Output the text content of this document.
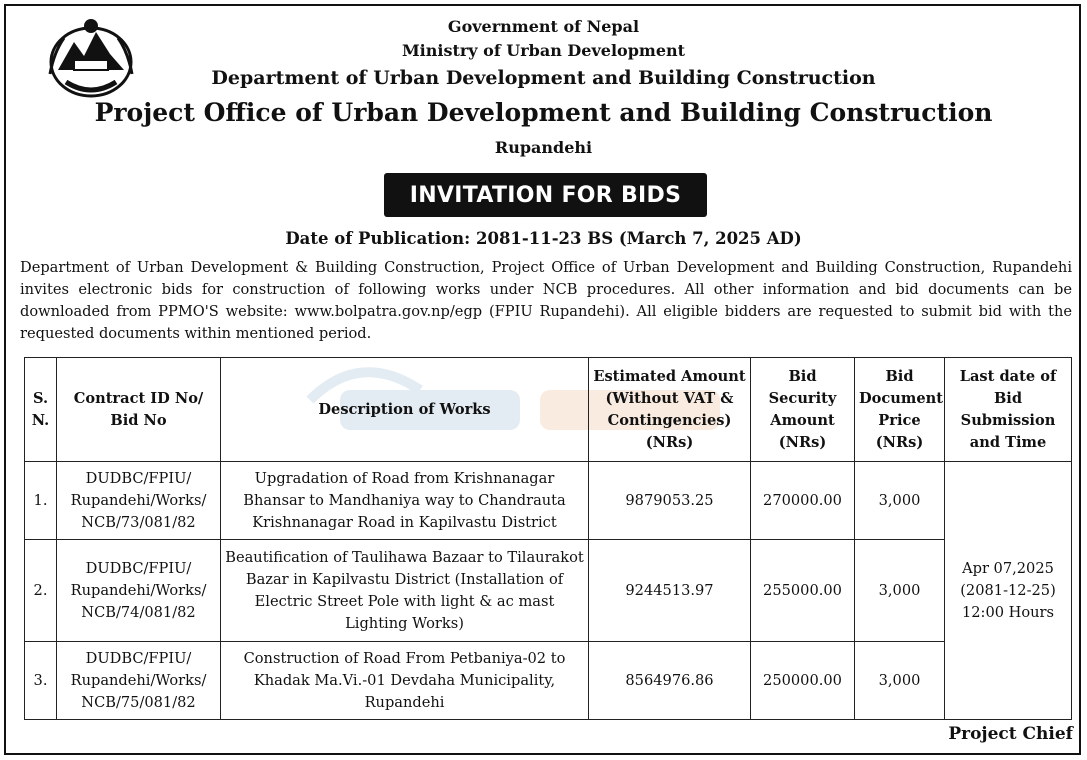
Government of Nepal
Ministry of Urban Development
Department of Urban Development and Building Construction
Project Office of Urban Development and Building Construction
Rupandehi
INVITATION FOR BIDS
Date of Publication: 2081-11-23 BS (March 7, 2025 AD)
Department of Urban Development & Building Construction, Project Office of Urban Development and Building Construction, Rupandehi invites electronic bids for construction of following works under NCB procedures. All other information and bid documents can be downloaded from PPMO'S website: www.bolpatra.gov.np/egp (FPIU Rupandehi). All eligible bidders are requested to submit bid with the requested documents within mentioned period.
S. N.	Contract ID No/ Bid No	Description of Works	Estimated Amount (Without VAT & Contingencies) (NRs)	Bid Security Amount (NRs)	Bid Document Price (NRs)	Last date of Bid Submission and Time
1.	DUDBC/FPIU/ Rupandehi/Works/ NCB/73/081/82	Upgradation of Road from Krishnanagar Bhansar to Mandhaniya way to Chandrauta Krishnanagar Road in Kapilvastu District	9879053.25	270000.00	3,000	Apr 07,2025 (2081-12-25) 12:00 Hours
2.	DUDBC/FPIU/ Rupandehi/Works/ NCB/74/081/82	Beautification of Taulihawa Bazaar to Tilaurakot Bazar in Kapilvastu District (Installation of Electric Street Pole with light & ac mast Lighting Works)	9244513.97	255000.00	3,000	
3.	DUDBC/FPIU/ Rupandehi/Works/ NCB/75/081/82	Construction of Road From Petbaniya-02 to Khadak Ma.Vi.-01 Devdaha Municipality, Rupandehi	8564976.86	250000.00	3,000	
Project Chief
